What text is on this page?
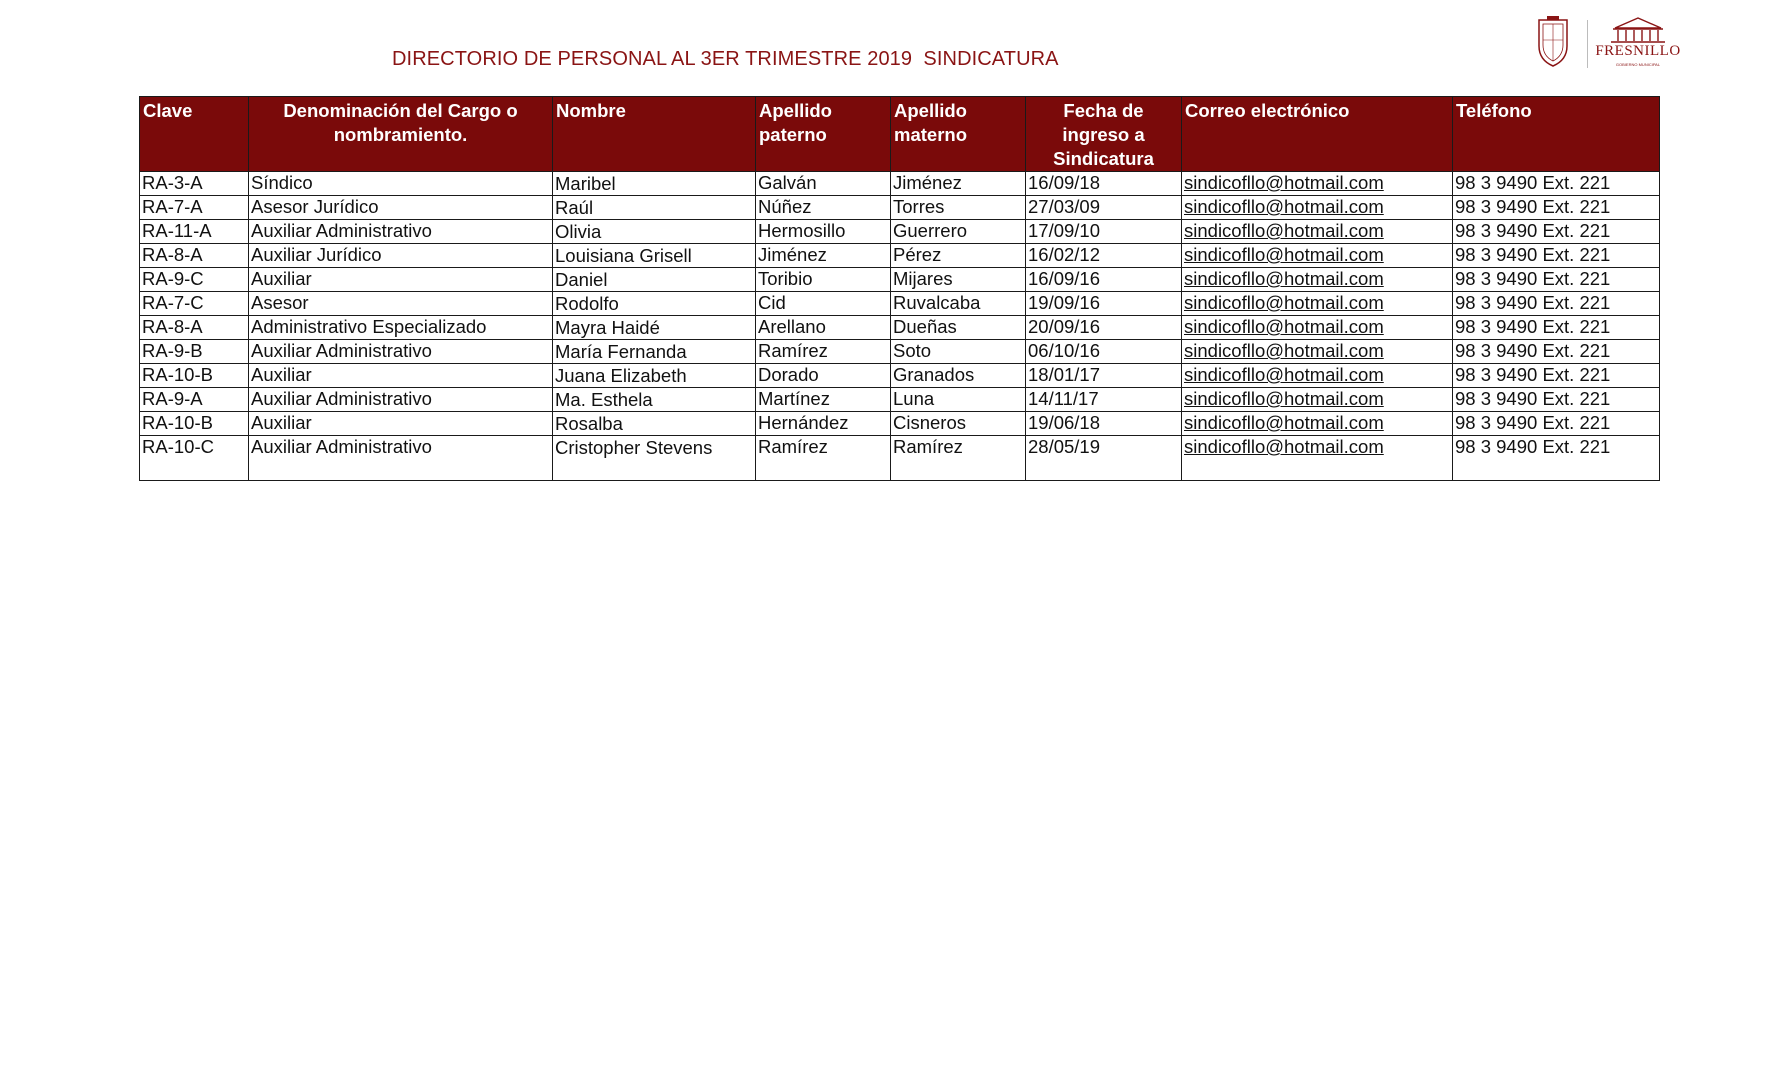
DIRECTORIO DE PERSONAL AL 3ER TRIMESTRE 2019  SINDICATURA	FRESNILLO
GOBIERNO MUNICIPAL
Clave	Denominación del Cargo o nombramiento.	Nombre	Apellido paterno	Apellido materno	Fecha de ingreso a Sindicatura	Correo electrónico	Teléfono
RA-3-A	Síndico	Maribel	Galván	Jiménez	16/09/18	sindicofllo@hotmail.com	98 3 9490 Ext. 221
RA-7-A	Asesor Jurídico	Raúl	Núñez	Torres	27/03/09	sindicofllo@hotmail.com	98 3 9490 Ext. 221
RA-11-A	Auxiliar Administrativo	Olivia	Hermosillo	Guerrero	17/09/10	sindicofllo@hotmail.com	98 3 9490 Ext. 221
RA-8-A	Auxiliar Jurídico	Louisiana Grisell	Jiménez	Pérez	16/02/12	sindicofllo@hotmail.com	98 3 9490 Ext. 221
RA-9-C	Auxiliar	Daniel	Toribio	Mijares	16/09/16	sindicofllo@hotmail.com	98 3 9490 Ext. 221
RA-7-C	Asesor	Rodolfo	Cid	Ruvalcaba	19/09/16	sindicofllo@hotmail.com	98 3 9490 Ext. 221
RA-8-A	Administrativo Especializado	Mayra Haidé	Arellano	Dueñas	20/09/16	sindicofllo@hotmail.com	98 3 9490 Ext. 221
RA-9-B	Auxiliar Administrativo	María Fernanda	Ramírez	Soto	06/10/16	sindicofllo@hotmail.com	98 3 9490 Ext. 221
RA-10-B	Auxiliar	Juana Elizabeth	Dorado	Granados	18/01/17	sindicofllo@hotmail.com	98 3 9490 Ext. 221
RA-9-A	Auxiliar Administrativo	Ma. Esthela	Martínez	Luna	14/11/17	sindicofllo@hotmail.com	98 3 9490 Ext. 221
RA-10-B	Auxiliar	Rosalba	Hernández	Cisneros	19/06/18	sindicofllo@hotmail.com	98 3 9490 Ext. 221
RA-10-C	Auxiliar Administrativo	Cristopher Stevens	Ramírez	Ramírez	28/05/19	sindicofllo@hotmail.com	98 3 9490 Ext. 221
